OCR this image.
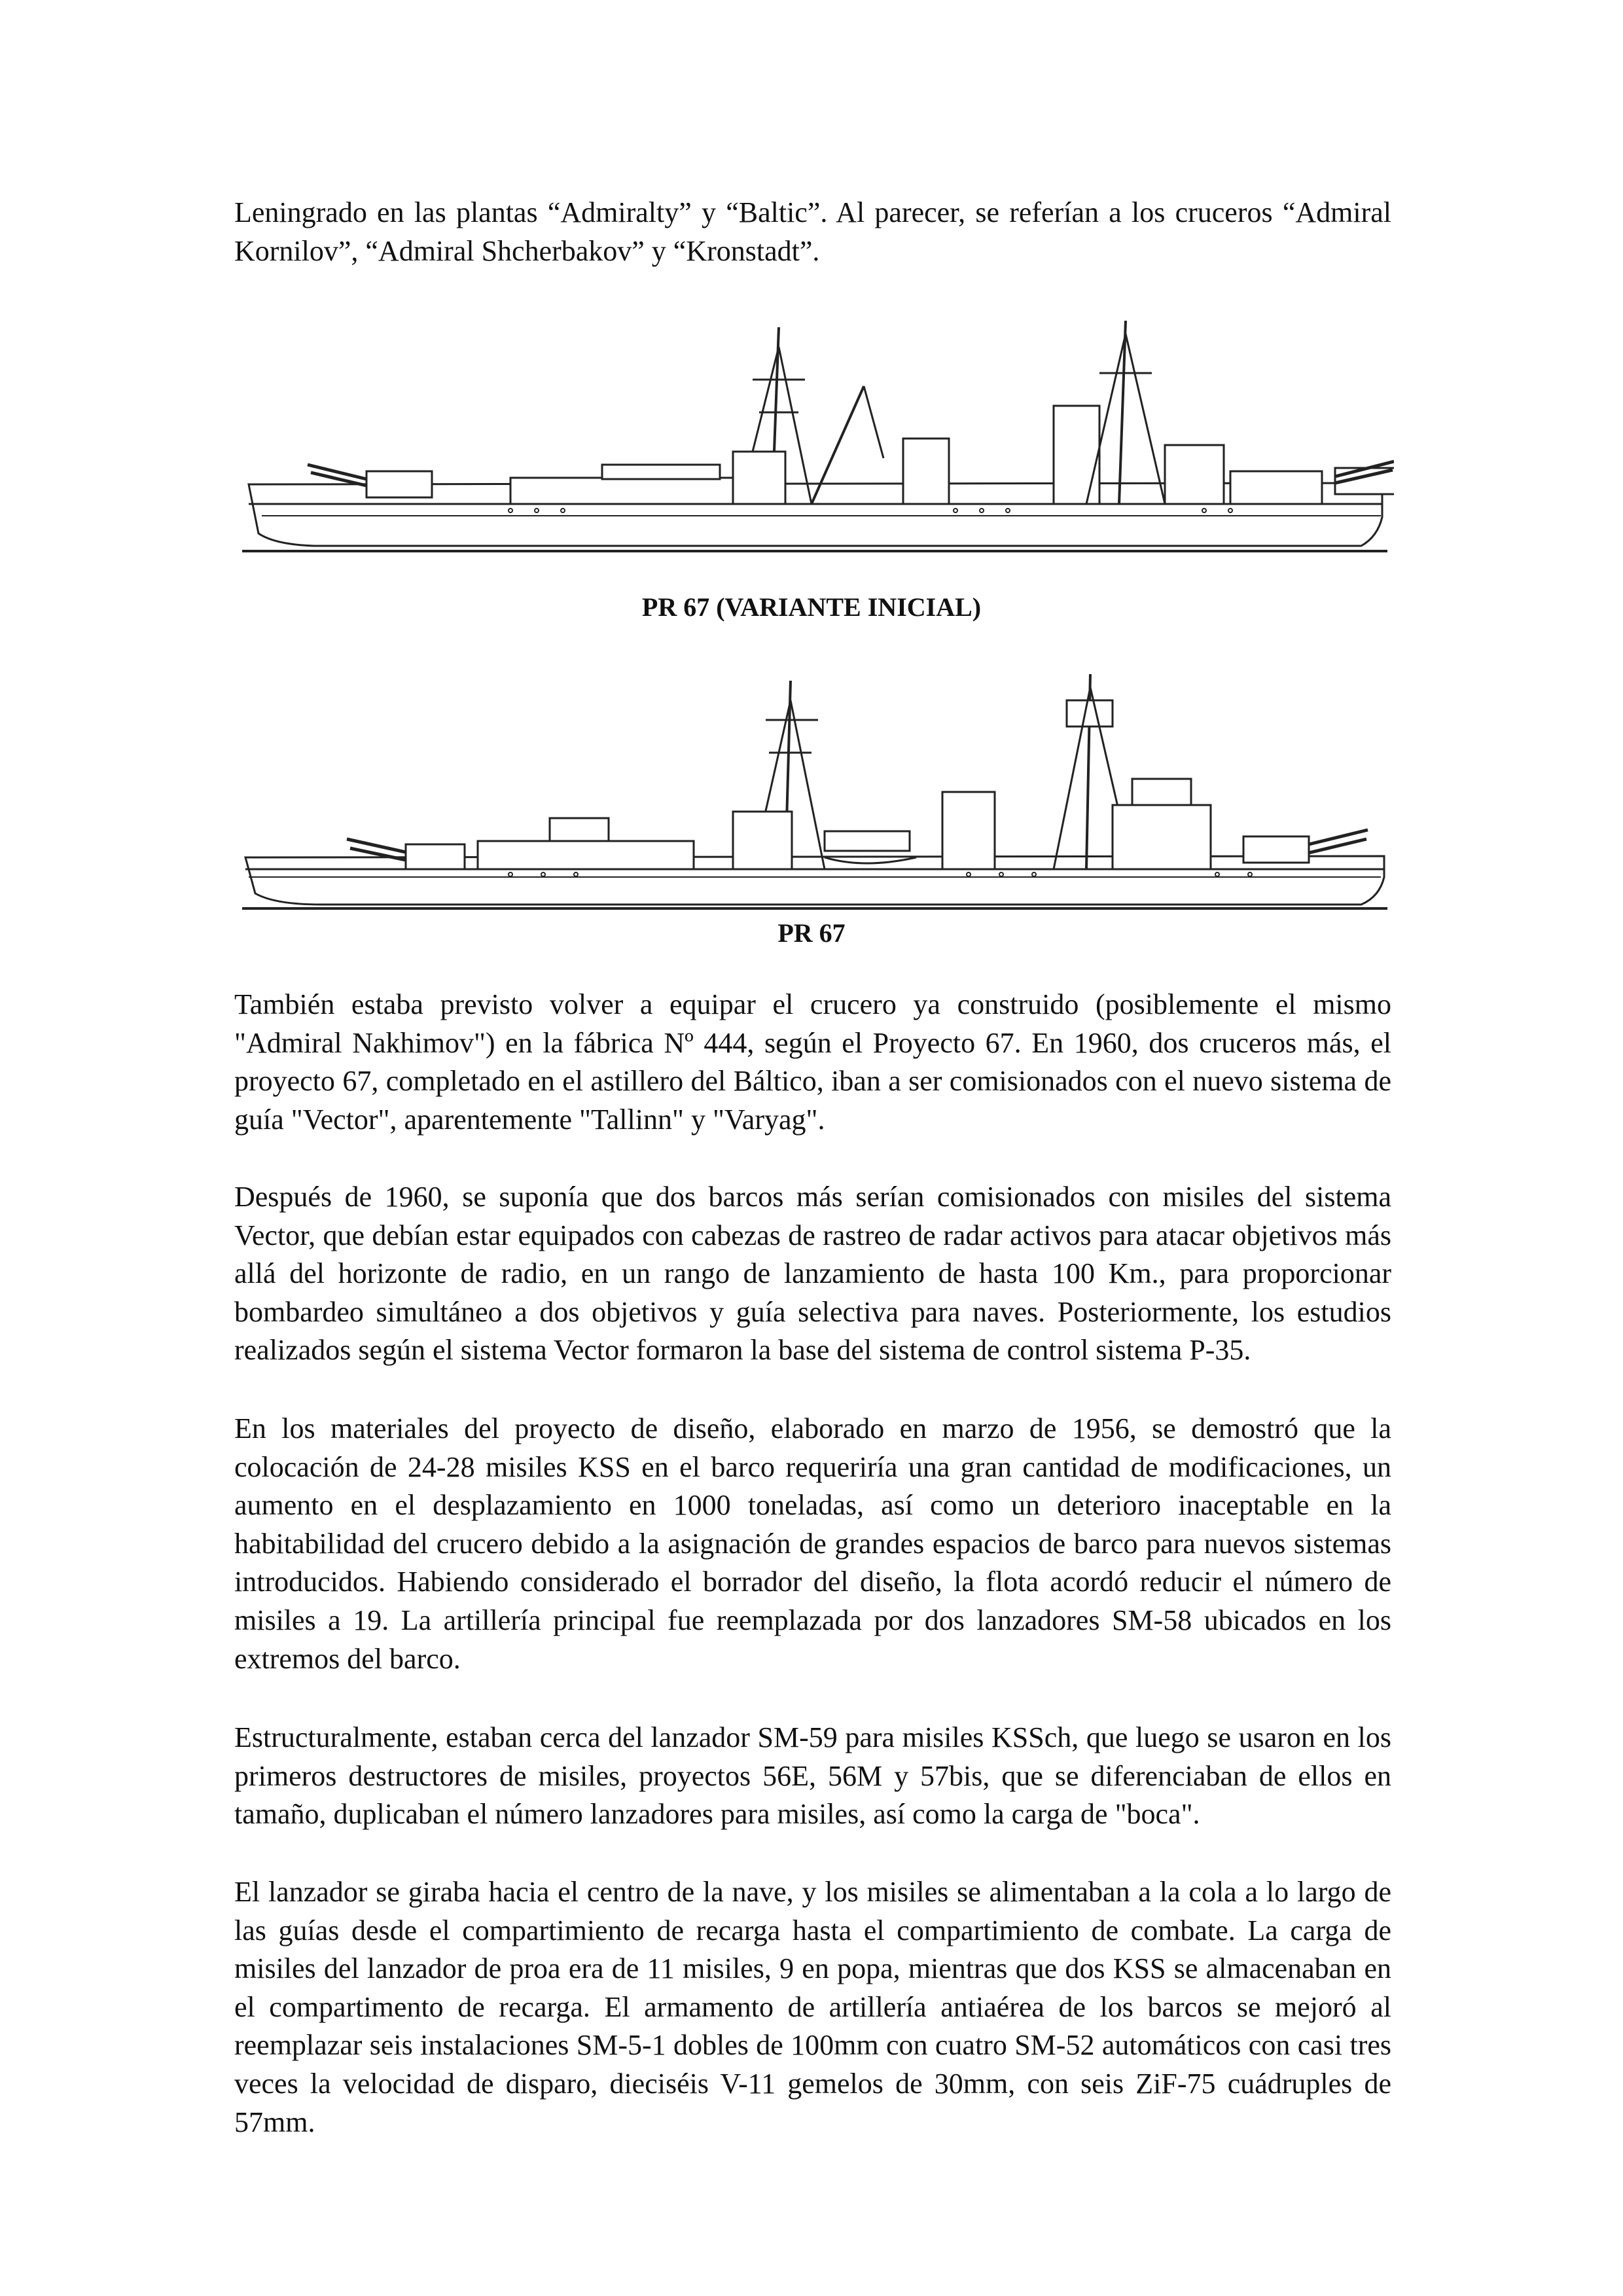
Leningrado en las plantas “Admiralty” y “Baltic”. Al parecer, se referían a los cruceros “Admiral Kornilov”, “Admiral Shcherbakov” y “Kronstadt”.

PR 67 (VARIANTE INICIAL)

PR 67

También estaba previsto volver a equipar el crucero ya construido (posiblemente el mismo "Admiral Nakhimov") en la fábrica Nº 444, según el Proyecto 67. En 1960, dos cruceros más, el proyecto 67, completado en el astillero del Báltico, iban a ser comisionados con el nuevo sistema de guía "Vector", aparentemente "Tallinn" y "Varyag".

Después de 1960, se suponía que dos barcos más serían comisionados con misiles del sistema Vector, que debían estar equipados con cabezas de rastreo de radar activos para atacar objetivos más allá del horizonte de radio, en un rango de lanzamiento de hasta 100 Km., para proporcionar bombardeo simultáneo a dos objetivos y guía selectiva para naves. Posteriormente, los estudios realizados según el sistema Vector formaron la base del sistema de control sistema P-35.

En los materiales del proyecto de diseño, elaborado en marzo de 1956, se demostró que la colocación de 24-28 misiles KSS en el barco requeriría una gran cantidad de modificaciones, un aumento en el desplazamiento en 1000 toneladas, así como un deterioro inaceptable en la habitabilidad del crucero debido a la asignación de grandes espacios de barco para nuevos sistemas introducidos. Habiendo considerado el borrador del diseño, la flota acordó reducir el número de misiles a 19. La artillería principal fue reemplazada por dos lanzadores SM-58 ubicados en los extremos del barco.

Estructuralmente, estaban cerca del lanzador SM-59 para misiles KSSch, que luego se usaron en los primeros destructores de misiles, proyectos 56E, 56M y 57bis, que se diferenciaban de ellos en tamaño, duplicaban el número lanzadores para misiles, así como la carga de "boca".

El lanzador se giraba hacia el centro de la nave, y los misiles se alimentaban a la cola a lo largo de las guías desde el compartimiento de recarga hasta el compartimiento de combate. La carga de misiles del lanzador de proa era de 11 misiles, 9 en popa, mientras que dos KSS se almacenaban en el compartimento de recarga. El armamento de artillería antiaérea de los barcos se mejoró al reemplazar seis instalaciones SM-5-1 dobles de 100mm con cuatro SM-52 automáticos con casi tres veces la velocidad de disparo, dieciséis V-11 gemelos de 30mm, con seis ZiF-75 cuádruples de 57mm.
